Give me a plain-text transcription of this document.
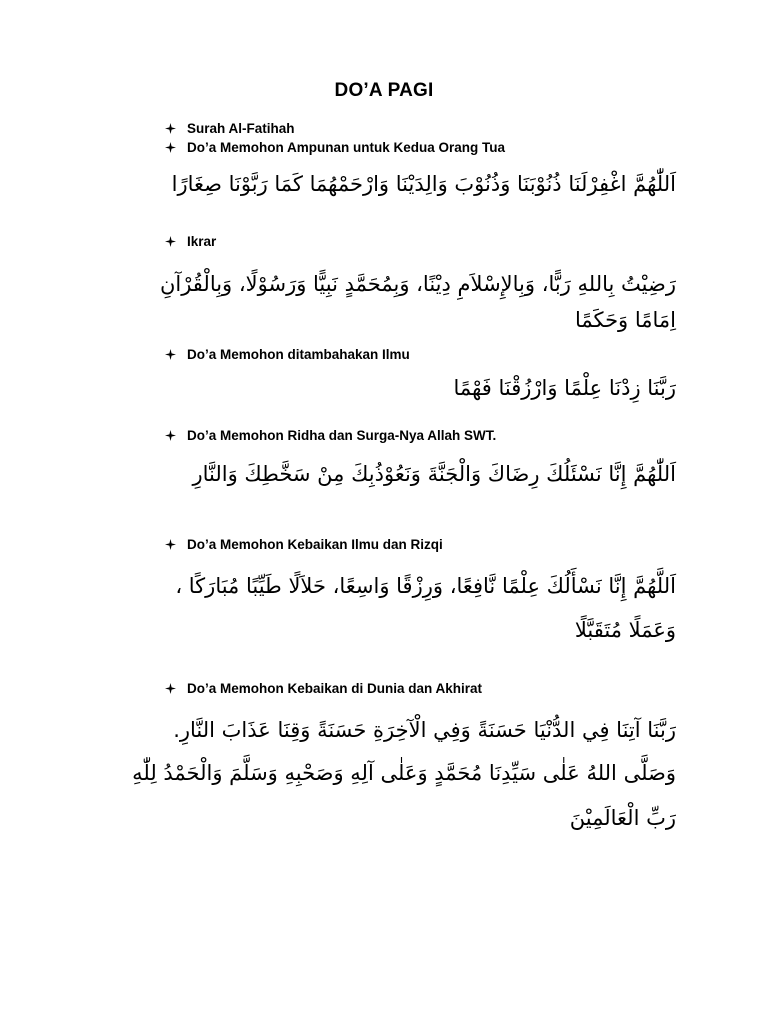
DO’A PAGI
Surah Al-Fatihah
Do’a Memohon Ampunan untuk Kedua Orang Tua
اَللّٰهُمَّ اغْفِرْلَنَا ذُنُوْبَنَا وَذُنُوْبَ وَالِدَيْنَا وَارْحَمْهُمَا كَمَا رَبَّوْنَا صِغَارًا
Ikrar
رَضِيْتُ بِاللهِ رَبًّا، وَبِالإِسْلاَمِ دِيْنًا، وَبِمُحَمَّدٍ نَبِيًّا وَرَسُوْلًا، وَبِالْقُرْآنِ
اِمَامًا وَحَكَمًا
Do’a Memohon ditambahakan Ilmu
رَبَّنَا زِدْنَا عِلْمًا وَارْزُقْنَا فَهْمًا
Do’a Memohon Ridha dan Surga-Nya Allah SWT.
اَللّٰهُمَّ إِنَّا نَسْئَلُكَ رِضَاكَ وَالْجَنَّةَ وَنَعُوْذُبِكَ مِنْ سَخَّطِكَ وَالنَّارِ
Do’a Memohon Kebaikan Ilmu dan Rizqi
اَللَّهُمَّ إِنَّا نَسْأَلُكَ عِلْمًا نَّافِعًا، وَرِزْقًا وَاسِعًا، حَلاَلًا طَيِّبًا مُبَارَكًا ،
وَعَمَلًا مُتَقَبَّلًا
Do’a Memohon Kebaikan di Dunia dan Akhirat
رَبَّنَا آتِنَا فِي الدُّنْيَا حَسَنَةً وَفِي الْآخِرَةِ حَسَنَةً وَقِنَا عَذَابَ النَّارِ.
وَصَلَّى اللهُ عَلٰى سَيِّدِنَا مُحَمَّدٍ وَعَلٰى آلِهِ وَصَحْبِهِ وَسَلَّمَ وَالْحَمْدُ لِلّٰهِ
رَبِّ الْعَالَمِيْنَ
